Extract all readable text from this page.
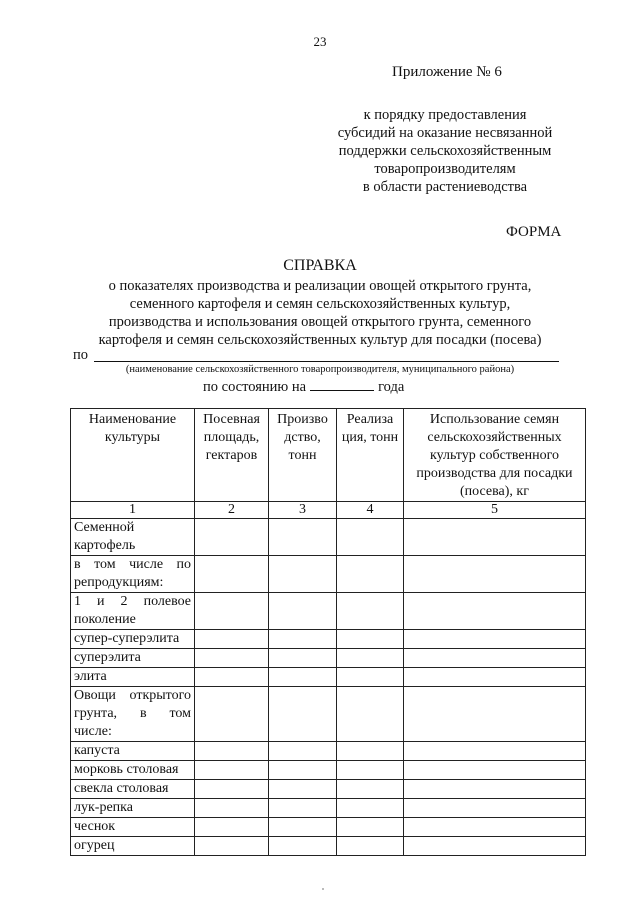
23
Приложение № 6
к порядку предоставления
субсидий на оказание несвязанной
поддержки сельскохозяйственным
товаропроизводителям
в области растениеводства
ФОРМА
СПРАВКА
о показателях производства и реализации овощей открытого грунта,
семенного картофеля и семян сельскохозяйственных культур,
производства и использования овощей открытого грунта, семенного
картофеля и семян сельскохозяйственных культур для посадки (посева)
по
(наименование сельскохозяйственного товаропроизводителя, муниципального района)
по состоянию на	года
Наименование культуры	Посевная площадь, гектаров	Произво дство, тонн	Реализа ция, тонн	Использование семян сельскохозяйственных культур собственного производства для посадки (посева), кг
1	2	3	4	5
Семенной картофель				
в том числе по репродукциям:				
1 и 2 полевое поколение				
супер-суперэлита				
суперэлита				
элита				
Овощи открытого грунта, в том числе:				
капуста				
морковь столовая				
свекла столовая				
лук-репка				
чеснок				
огурец				
